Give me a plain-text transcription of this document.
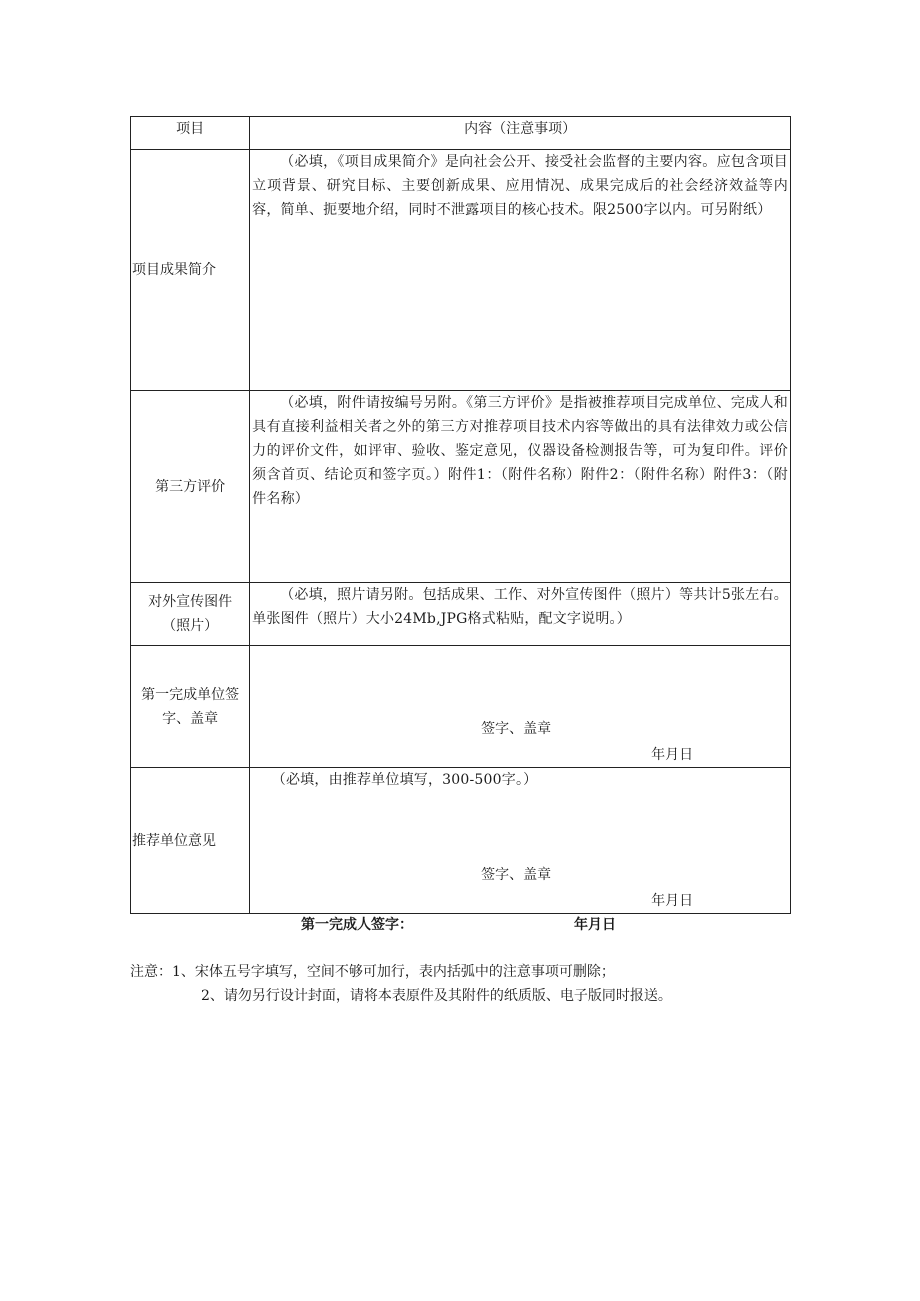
项目	内容（注意事项）

项目成果简介	（必填，《项目成果简介》是向社会公开、接受社会监督的主要内容。应包含项目立项背景、研究目标、主要创新成果、应用情况、成果完成后的社会经济效益等内容，简单、扼要地介绍，同时不泄露项目的核心技术。限2500字以内。可另附纸）

第三方评价	（必填，附件请按编号另附。《第三方评价》是指被推荐项目完成单位、完成人和具有直接利益相关者之外的第三方对推荐项目技术内容等做出的具有法律效力或公信力的评价文件，如评审、验收、鉴定意见，仪器设备检测报告等，可为复印件。评价须含首页、结论页和签字页。）附件1：（附件名称）附件2：（附件名称）附件3：（附件名称）

对外宣传图件（照片）	（必填，照片请另附。包括成果、工作、对外宣传图件（照片）等共计5张左右。单张图件（照片）大小24Mb,JPG格式粘贴，配文字说明。）

第一完成单位签字、盖章	签字、盖章
年月日

推荐单位意见	（必填，由推荐单位填写，300-500字。）
签字、盖章
年月日
第一完成人签字：	年月日
注意：1、宋体五号字填写，空间不够可加行，表内括弧中的注意事项可删除；
2、请勿另行设计封面，请将本表原件及其附件的纸质版、电子版同时报送。
